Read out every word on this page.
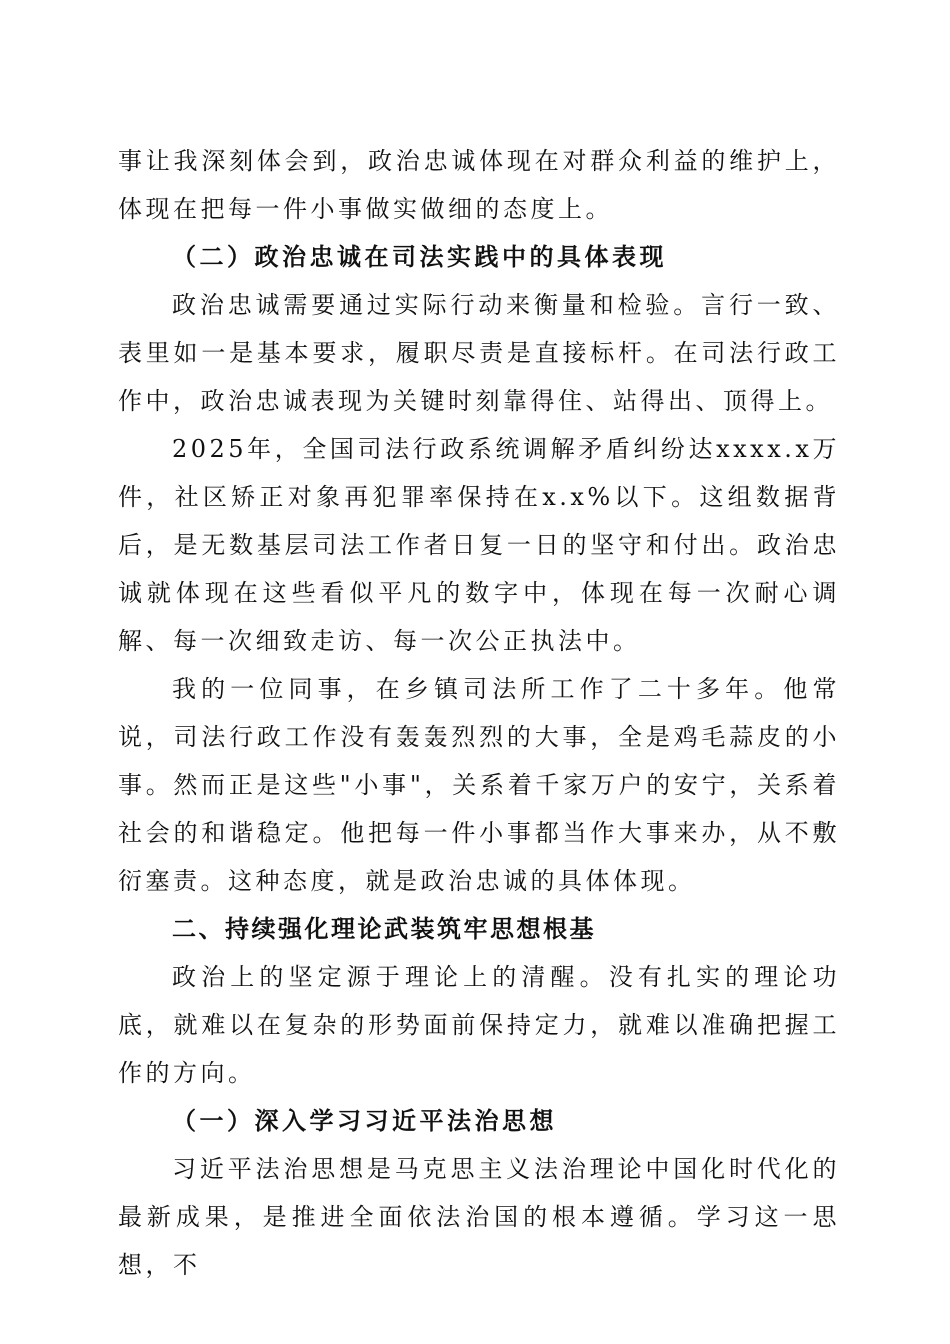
事让我深刻体会到，政治忠诚体现在对群众利益的维护上，体现在把每一件小事做实做细的态度上。

（二）政治忠诚在司法实践中的具体表现

政治忠诚需要通过实际行动来衡量和检验。言行一致、表里如一是基本要求，履职尽责是直接标杆。在司法行政工作中，政治忠诚表现为关键时刻靠得住、站得出、顶得上。

2025年，全国司法行政系统调解矛盾纠纷达xxxx.x万件，社区矫正对象再犯罪率保持在x.x%以下。这组数据背后，是无数基层司法工作者日复一日的坚守和付出。政治忠诚就体现在这些看似平凡的数字中，体现在每一次耐心调解、每一次细致走访、每一次公正执法中。

我的一位同事，在乡镇司法所工作了二十多年。他常说，司法行政工作没有轰轰烈烈的大事，全是鸡毛蒜皮的小事。然而正是这些"小事"，关系着千家万户的安宁，关系着社会的和谐稳定。他把每一件小事都当作大事来办，从不敷衍塞责。这种态度，就是政治忠诚的具体体现。

二、持续强化理论武装筑牢思想根基

政治上的坚定源于理论上的清醒。没有扎实的理论功底，就难以在复杂的形势面前保持定力，就难以准确把握工作的方向。

（一）深入学习习近平法治思想

习近平法治思想是马克思主义法治理论中国化时代化的最新成果，是推进全面依法治国的根本遵循。学习这一思想，不
